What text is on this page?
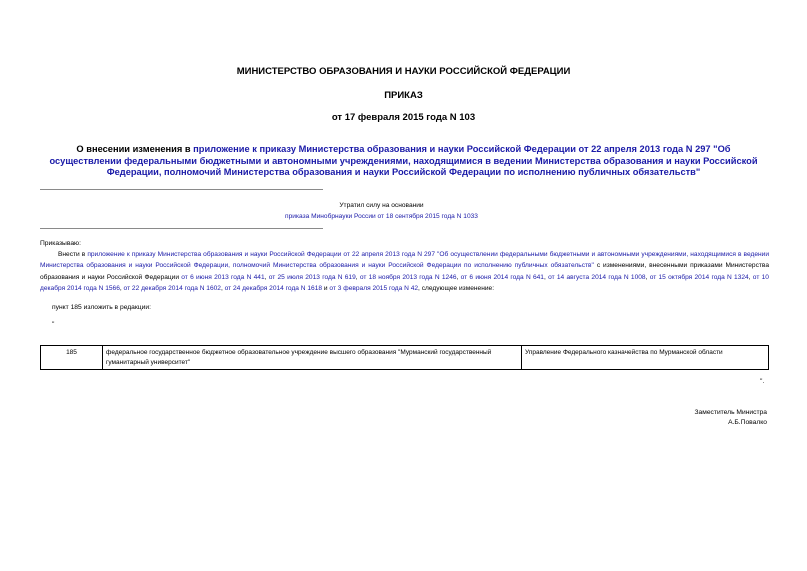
МИНИСТЕРСТВО ОБРАЗОВАНИЯ И НАУКИ РОССИЙСКОЙ ФЕДЕРАЦИИ
ПРИКАЗ
от 17 февраля 2015 года N 103
О внесении изменения в приложение к приказу Министерства образования и науки Российской Федерации от 22 апреля 2013 года N 297 "Об осуществлении федеральными бюджетными и автономными учреждениями, находящимися в ведении Министерства образования и науки Российской Федерации, полномочий Министерства образования и науки Российской Федерации по исполнению публичных обязательств"
Утратил силу на основании
приказа Минобрнауки России от 18 сентября 2015 года N 1033
Приказываю:
Внести в приложение к приказу Министерства образования и науки Российской Федерации от 22 апреля 2013 года N 297 "Об осуществлении федеральными бюджетными и автономными учреждениями, находящимися в ведении Министерства образования и науки Российской Федерации, полномочий Министерства образования и науки Российской Федерации по исполнению публичных обязательств" с изменениями, внесенными приказами Министерства образования и науки Российской Федерации от 6 июня 2013 года N 441, от 25 июля 2013 года N 619, от 18 ноября 2013 года N 1246, от 6 июня 2014 года N 641, от 14 августа 2014 года N 1008, от 15 октября 2014 года N 1324, от 10 декабря 2014 года N 1566, от 22 декабря 2014 года N 1602, от 24 декабря 2014 года N 1618 и от 3 февраля 2015 года N 42, следующее изменение:
пункт 185 изложить в редакции:
"
185	федеральное государственное бюджетное образовательное учреждение высшего образования "Мурманский государственный гуманитарный университет"	Управление Федерального казначейства по Мурманской области
".
Заместитель Министра
А.Б.Повалко
